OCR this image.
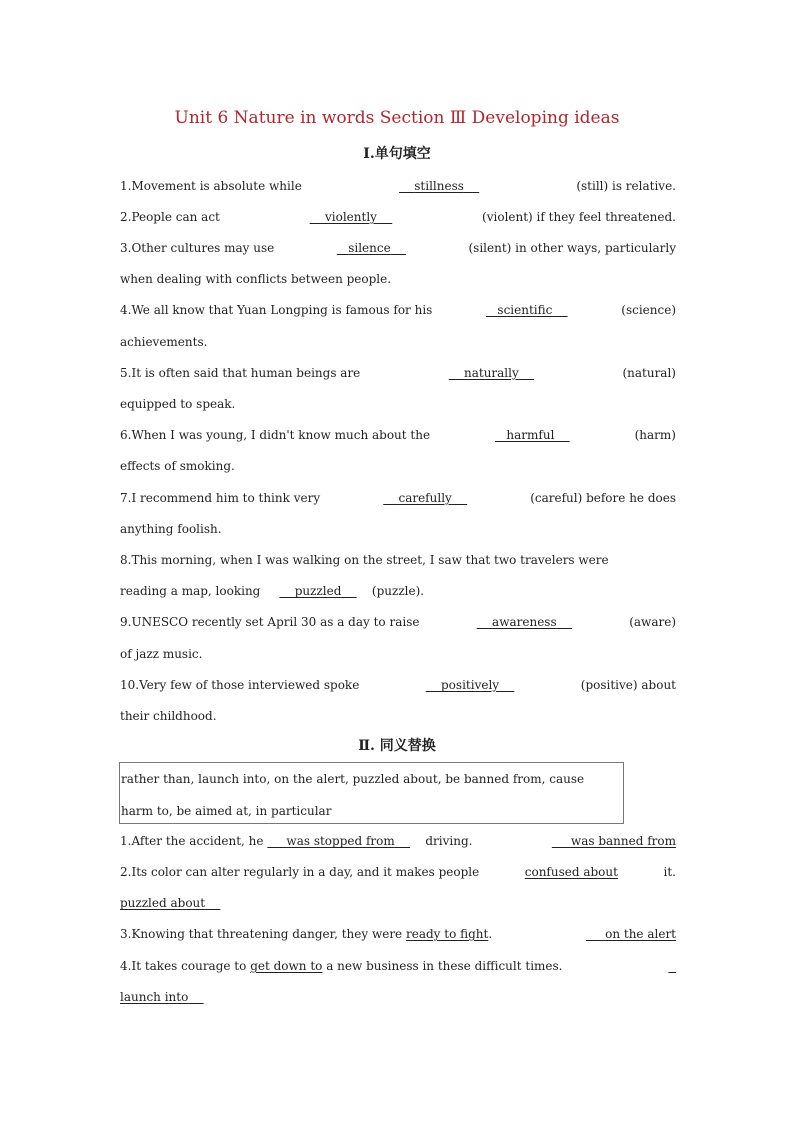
Unit 6 Nature in words Section Ⅲ Developing ideas
Ⅰ.单句填空
1.Movement is absolute while	stillness	(still) is relative.
2.People can act	violently	(violent) if they feel threatened.
3.Other cultures may use	silence	(silent) in other ways, particularly
when dealing with conflicts between people.
4.We all know that Yuan Longping is famous for his	scientific	(science)
achievements.
5.It is often said that human beings are	naturally	(natural)
equipped to speak.
6.When I was young, I didn't know much about the	harmful	(harm)
effects of smoking.
7.I recommend him to think very	carefully	(careful) before he does
anything foolish.
8.This morning, when I was walking on the street, I saw that two travelers were
reading a map, looking
	puzzled
	(puzzle).
9.UNESCO recently set April 30 as a day to raise	awareness	(aware)
of jazz music.
10.Very few of those interviewed spoke	positively	(positive) about
their childhood.
Ⅱ. 同义替换
rather than, launch into, on the alert, puzzled about, be banned from, cause
harm to, be aimed at, in particular
1.After the accident, he was stopped from	driving.	was banned from
2.Its color can alter regularly in a day, and it makes people	confused about	it.
puzzled about
3.Knowing that threatening danger, they were ready to fight.	on the alert
4.It takes courage to get down to a new business in these difficult times.

launch into
